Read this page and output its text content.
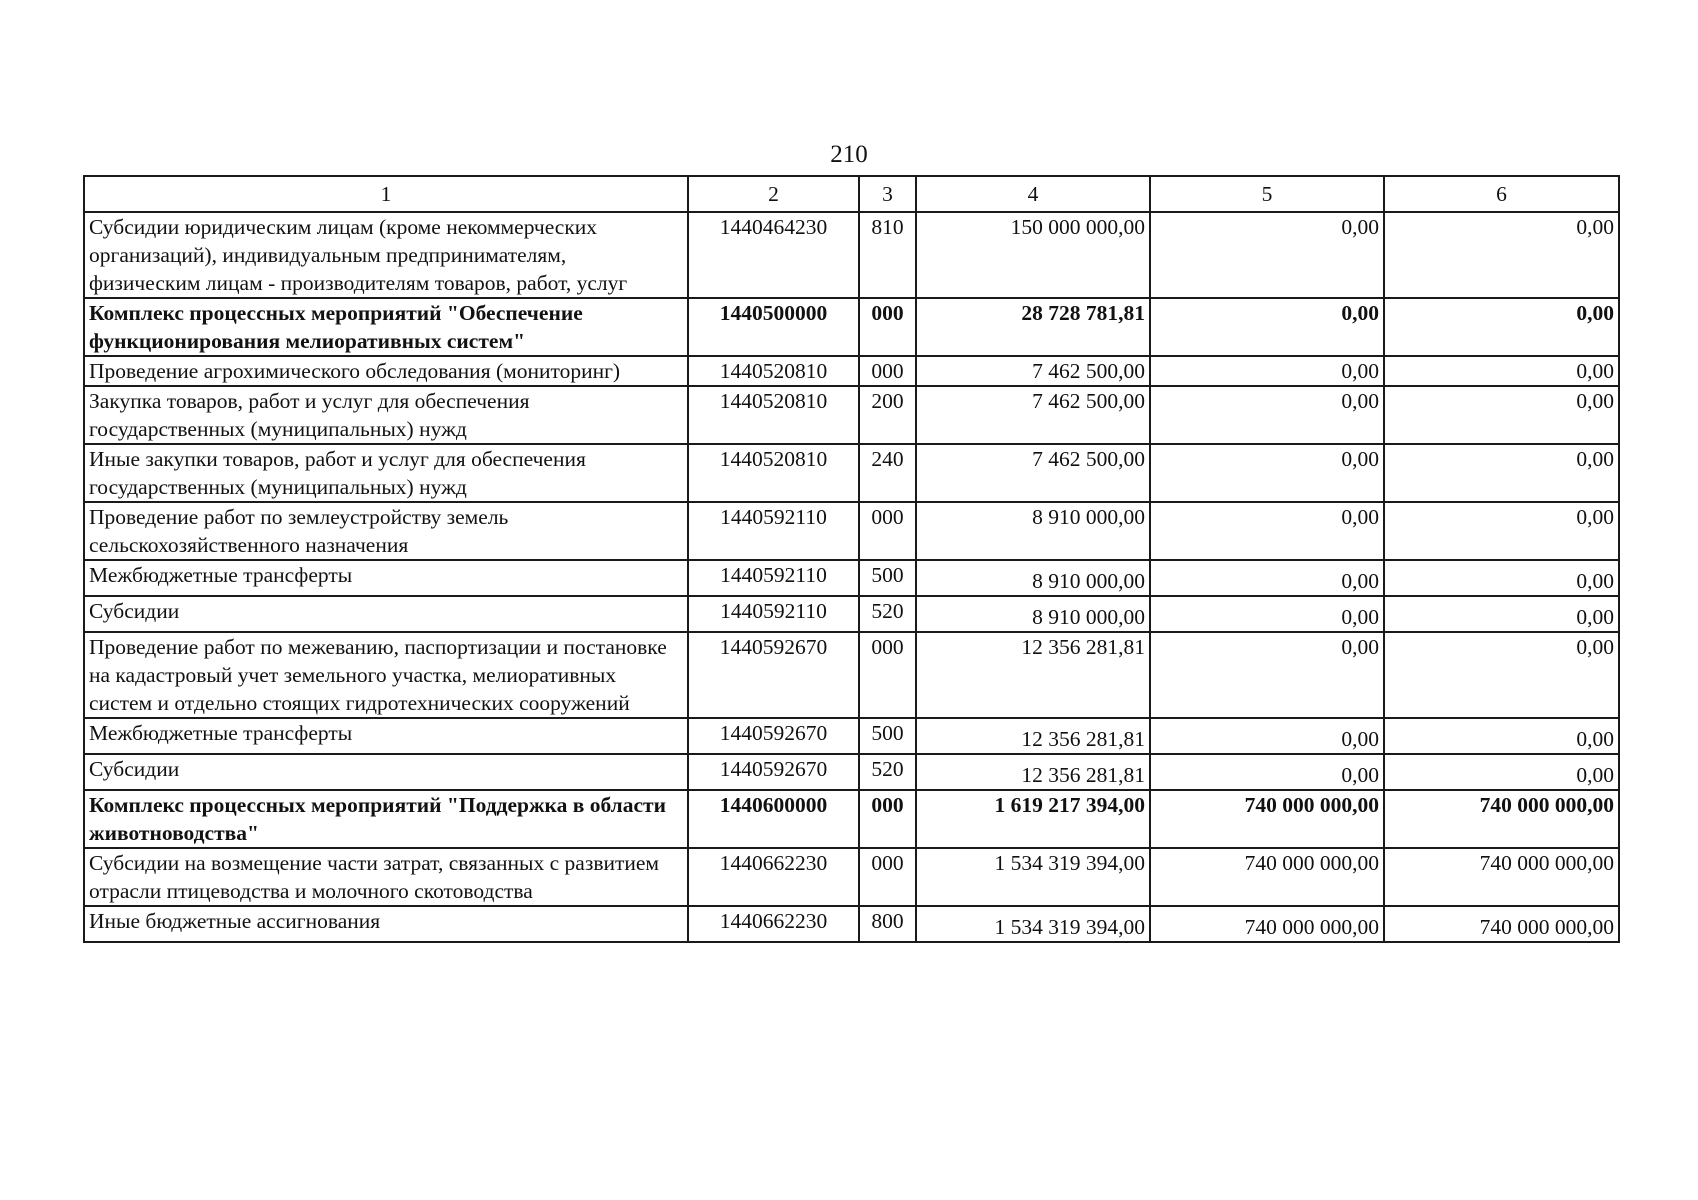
210
1	2	3	4	5	6
Субсидии юридическим лицам (кроме некоммерческих организаций), индивидуальным предпринимателям, физическим лицам - производителям товаров, работ, услуг	1440464230	810	150 000 000,00	0,00	0,00
Комплекс процессных мероприятий "Обеспечение функционирования мелиоративных систем"	1440500000	000	28 728 781,81	0,00	0,00
Проведение агрохимического обследования (мониторинг)	1440520810	000	7 462 500,00	0,00	0,00
Закупка товаров, работ и услуг для обеспечения государственных (муниципальных) нужд	1440520810	200	7 462 500,00	0,00	0,00
Иные закупки товаров, работ и услуг для обеспечения государственных (муниципальных) нужд	1440520810	240	7 462 500,00	0,00	0,00
Проведение работ по землеустройству земель сельскохозяйственного назначения	1440592110	000	8 910 000,00	0,00	0,00
Межбюджетные трансферты	1440592110	500	8 910 000,00	0,00	0,00
Субсидии	1440592110	520	8 910 000,00	0,00	0,00
Проведение работ по межеванию, паспортизации и постановке на кадастровый учет земельного участка, мелиоративных систем и отдельно стоящих гидротехнических сооружений	1440592670	000	12 356 281,81	0,00	0,00
Межбюджетные трансферты	1440592670	500	12 356 281,81	0,00	0,00
Субсидии	1440592670	520	12 356 281,81	0,00	0,00
Комплекс процессных мероприятий "Поддержка в области животноводства"	1440600000	000	1 619 217 394,00	740 000 000,00	740 000 000,00
Субсидии на возмещение части затрат, связанных с развитием отрасли птицеводства и молочного скотоводства	1440662230	000	1 534 319 394,00	740 000 000,00	740 000 000,00
Иные бюджетные ассигнования	1440662230	800	1 534 319 394,00	740 000 000,00	740 000 000,00
